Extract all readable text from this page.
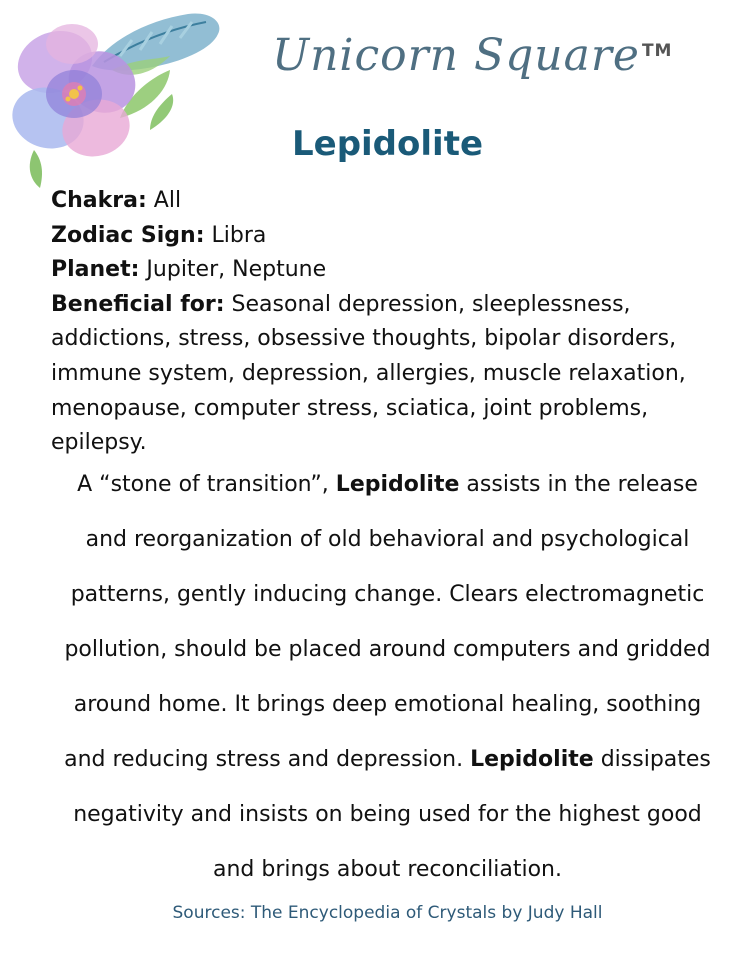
Unicorn Square ™
Lepidolite
Chakra: All
Zodiac Sign: Libra
Planet: Jupiter, Neptune
Beneficial for: Seasonal depression, sleeplessness,
addictions, stress, obsessive thoughts, bipolar disorders,
immune system, depression, allergies, muscle relaxation,
menopause, computer stress, sciatica, joint problems,
epilepsy.

A “stone of transition”, Lepidolite assists in the release
and reorganization of old behavioral and psychological
patterns, gently inducing change. Clears electromagnetic
pollution, should be placed around computers and gridded
around home. It brings deep emotional healing, soothing
and reducing stress and depression. Lepidolite dissipates
negativity and insists on being used for the highest good
and brings about reconciliation.

Sources: The Encyclopedia of Crystals by Judy Hall
